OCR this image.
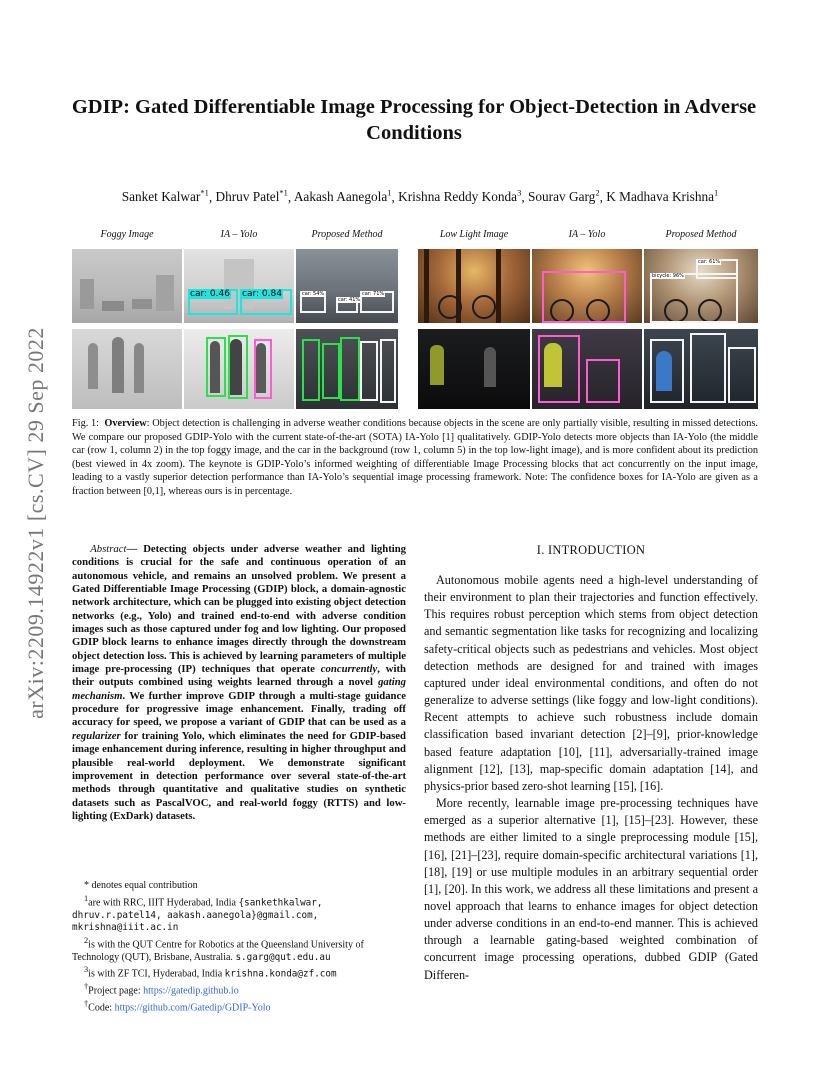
arXiv:2209.14922v1 [cs.CV] 29 Sep 2022
GDIP: Gated Differentiable Image Processing for Object-Detection in Adverse Conditions
Sanket Kalwar$^{*1}$, Dhruv Patel$^{*1}$, Aakash Aanegola$^1$, Krishna Reddy Konda$^3$, Sourav Garg$^2$, K Madhava Krishna$^1$
Foggy Image	IA – Yolo	Proposed Method	Low Light Image	IA – Yolo	Proposed Method
car: 0.46 car: 0.84	car: 54%
car: 41%
car: 71%
bicycle: 96%
car: 61%
Fig. 1: Overview: Object detection is challenging in adverse weather conditions because objects in the scene are only partially visible, resulting in missed detections. We compare our proposed GDIP-Yolo with the current state-of-the-art (SOTA) IA-Yolo [1] qualitatively. GDIP-Yolo detects more objects than IA-Yolo (the middle car (row 1, column 2) in the top foggy image, and the car in the background (row 1, column 5) in the top low-light image), and is more confident about its prediction (best viewed in 4x zoom). The keynote is GDIP-Yolo’s informed weighting of differentiable Image Processing blocks that act concurrently on the input image, leading to a vastly superior detection performance than IA-Yolo’s sequential image processing framework. Note: The confidence boxes for IA-Yolo are given as a fraction between [0,1], whereas ours is in percentage.
Abstract— Detecting objects under adverse weather and lighting conditions is crucial for the safe and continuous operation of an autonomous vehicle, and remains an unsolved problem. We present a Gated Differentiable Image Processing (GDIP) block, a domain-agnostic network architecture, which can be plugged into existing object detection networks (e.g., Yolo) and trained end-to-end with adverse condition images such as those captured under fog and low lighting. Our proposed GDIP block learns to enhance images directly through the downstream object detection loss. This is achieved by learning parameters of multiple image pre-processing (IP) techniques that operate concurrently, with their outputs combined using weights learned through a novel gating mechanism. We further improve GDIP through a multi-stage guidance procedure for progressive image enhancement. Finally, trading off accuracy for speed, we propose a variant of GDIP that can be used as a regularizer for training Yolo, which eliminates the need for GDIP-based image enhancement during inference, resulting in higher throughput and plausible real-world deployment. We demonstrate significant improvement in detection performance over several state-of-the-art methods through quantitative and qualitative studies on synthetic datasets such as PascalVOC, and real-world foggy (RTTS) and low-lighting (ExDark) datasets.
* denotes equal contribution
$^1$are with RRC, IIIT Hyderabad, India {sankethkalwar, dhruv.r.patel14, aakash.aanegola}@gmail.com, mkrishna@iiit.ac.in
$^2$is with the QUT Centre for Robotics at the Queensland University of Technology (QUT), Brisbane, Australia. s.garg@qut.edu.au
$^3$is with ZF TCI, Hyderabad, India krishna.konda@zf.com
†Project page: https://gatedip.github.io
†Code: https://github.com/Gatedip/GDIP-Yolo
I. INTRODUCTION

Autonomous mobile agents need a high-level understanding of their environment to plan their trajectories and function effectively. This requires robust perception which stems from object detection and semantic segmentation like tasks for recognizing and localizing safety-critical objects such as pedestrians and vehicles. Most object detection methods are designed for and trained with images captured under ideal environmental conditions, and often do not generalize to adverse settings (like foggy and low-light conditions). Recent attempts to achieve such robustness include domain classification based invariant detection [2]–[9], prior-knowledge based feature adaptation [10], [11], adversarially-trained image alignment [12], [13], map-specific domain adaptation [14], and physics-prior based zero-shot learning [15], [16].

More recently, learnable image pre-processing techniques have emerged as a superior alternative [1], [15]–[23]. However, these methods are either limited to a single preprocessing module [15], [16], [21]–[23], require domain-specific architectural variations [1], [18], [19] or use multiple modules in an arbitrary sequential order [1], [20]. In this work, we address all these limitations and present a novel approach that learns to enhance images for object detection under adverse conditions in an end-to-end manner. This is achieved through a learnable gating-based weighted combination of concurrent image processing operations, dubbed GDIP (Gated Differen-
